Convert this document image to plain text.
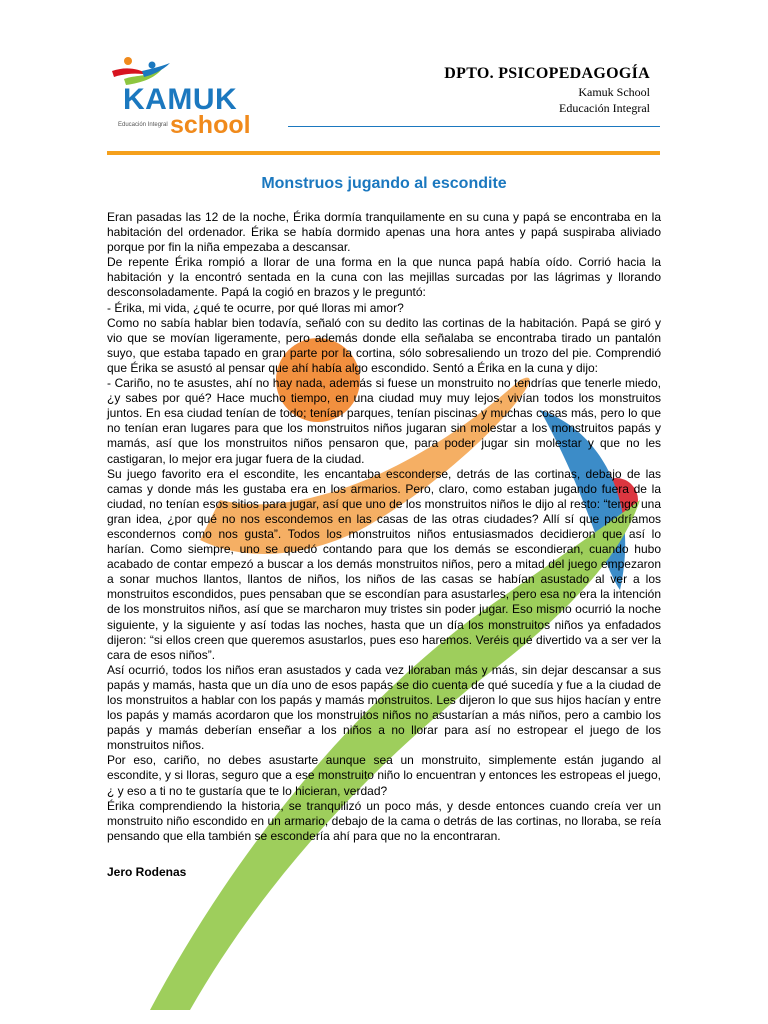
KAMUK
Educación Integral school
DPTO. PSICOPEDAGOGÍA
Kamuk School
Educación Integral
Monstruos jugando al escondite

Eran pasadas las 12 de la noche, Érika dormía tranquilamente en su cuna y papá se encontraba en la habitación del ordenador. Érika se había dormido apenas una hora antes y papá suspiraba aliviado porque por fin la niña empezaba a descansar.

De repente Érika rompió a llorar de una forma en la que nunca papá había oído. Corrió hacia la habitación y la encontró sentada en la cuna con las mejillas surcadas por las lágrimas y llorando desconsoladamente. Papá la cogió en brazos y le preguntó:

- Érika, mi vida, ¿qué te ocurre, por qué lloras mi amor?

Como no sabía hablar bien todavía, señaló con su dedito las cortinas de la habitación. Papá se giró y vio que se movían ligeramente, pero además donde ella señalaba se encontraba tirado un pantalón suyo, que estaba tapado en gran parte por la cortina, sólo sobresaliendo un trozo del pie. Comprendió que Érika se asustó al pensar que ahí había algo escondido. Sentó a Érika en la cuna y dijo:

- Cariño, no te asustes, ahí no hay nada, además si fuese un monstruito no tendrías que tenerle miedo, ¿y sabes por qué? Hace mucho tiempo, en una ciudad muy muy lejos, vivían todos los monstruitos juntos. En esa ciudad tenían de todo; tenían parques, tenían piscinas y muchas cosas más, pero lo que no tenían eran lugares para que los monstruitos niños jugaran sin molestar a los monstruitos papás y mamás, así que los monstruitos niños pensaron que, para poder jugar sin molestar y que no les castigaran, lo mejor era jugar fuera de la ciudad.

Su juego favorito era el escondite, les encantaba esconderse, detrás de las cortinas, debajo de las camas y donde más les gustaba era en los armarios. Pero, claro, como estaban jugando fuera de la ciudad, no tenían esos sitios para jugar, así que uno de los monstruitos niños le dijo al resto: “tengo una gran idea, ¿por qué no nos escondemos en las casas de las otras ciudades? Allí sí que podríamos escondernos como nos gusta”. Todos los monstruitos niños entusiasmados decidieron que así lo harían. Como siempre, uno se quedó contando para que los demás se escondieran, cuando hubo acabado de contar empezó a buscar a los demás monstruitos niños, pero a mitad del juego empezaron a sonar muchos llantos, llantos de niños, los niños de las casas se habían asustado al ver a los monstruitos escondidos, pues pensaban que se escondían para asustarles, pero esa no era la intención de los monstruitos niños, así que se marcharon muy tristes sin poder jugar. Eso mismo ocurrió la noche siguiente, y la siguiente y así todas las noches, hasta que un día los monstruitos niños ya enfadados dijeron: “si ellos creen que queremos asustarlos, pues eso haremos. Veréis qué divertido va a ser ver la cara de esos niños”.

Así ocurrió, todos los niños eran asustados y cada vez lloraban más y más, sin dejar descansar a sus papás y mamás, hasta que un día uno de esos papás se dio cuenta de qué sucedía y fue a la ciudad de los monstruitos a hablar con los papás y mamás monstruitos. Les dijeron lo que sus hijos hacían y entre los papás y mamás acordaron que los monstruitos niños no asustarían a más niños, pero a cambio los papás y mamás deberían enseñar a los niños a no llorar para así no estropear el juego de los monstruitos niños.

Por eso, cariño, no debes asustarte aunque sea un monstruito, simplemente están jugando al escondite, y si lloras, seguro que a ese monstruito niño lo encuentran y entonces les estropeas el juego, ¿ y eso a ti no te gustaría que te lo hicieran, verdad?

Érika comprendiendo la historia, se tranquilizó un poco más, y desde entonces cuando creía ver un monstruito niño escondido en un armario, debajo de la cama o detrás de las cortinas, no lloraba, se reía pensando que ella también se escondería ahí para que no la encontraran.

Jero Rodenas
